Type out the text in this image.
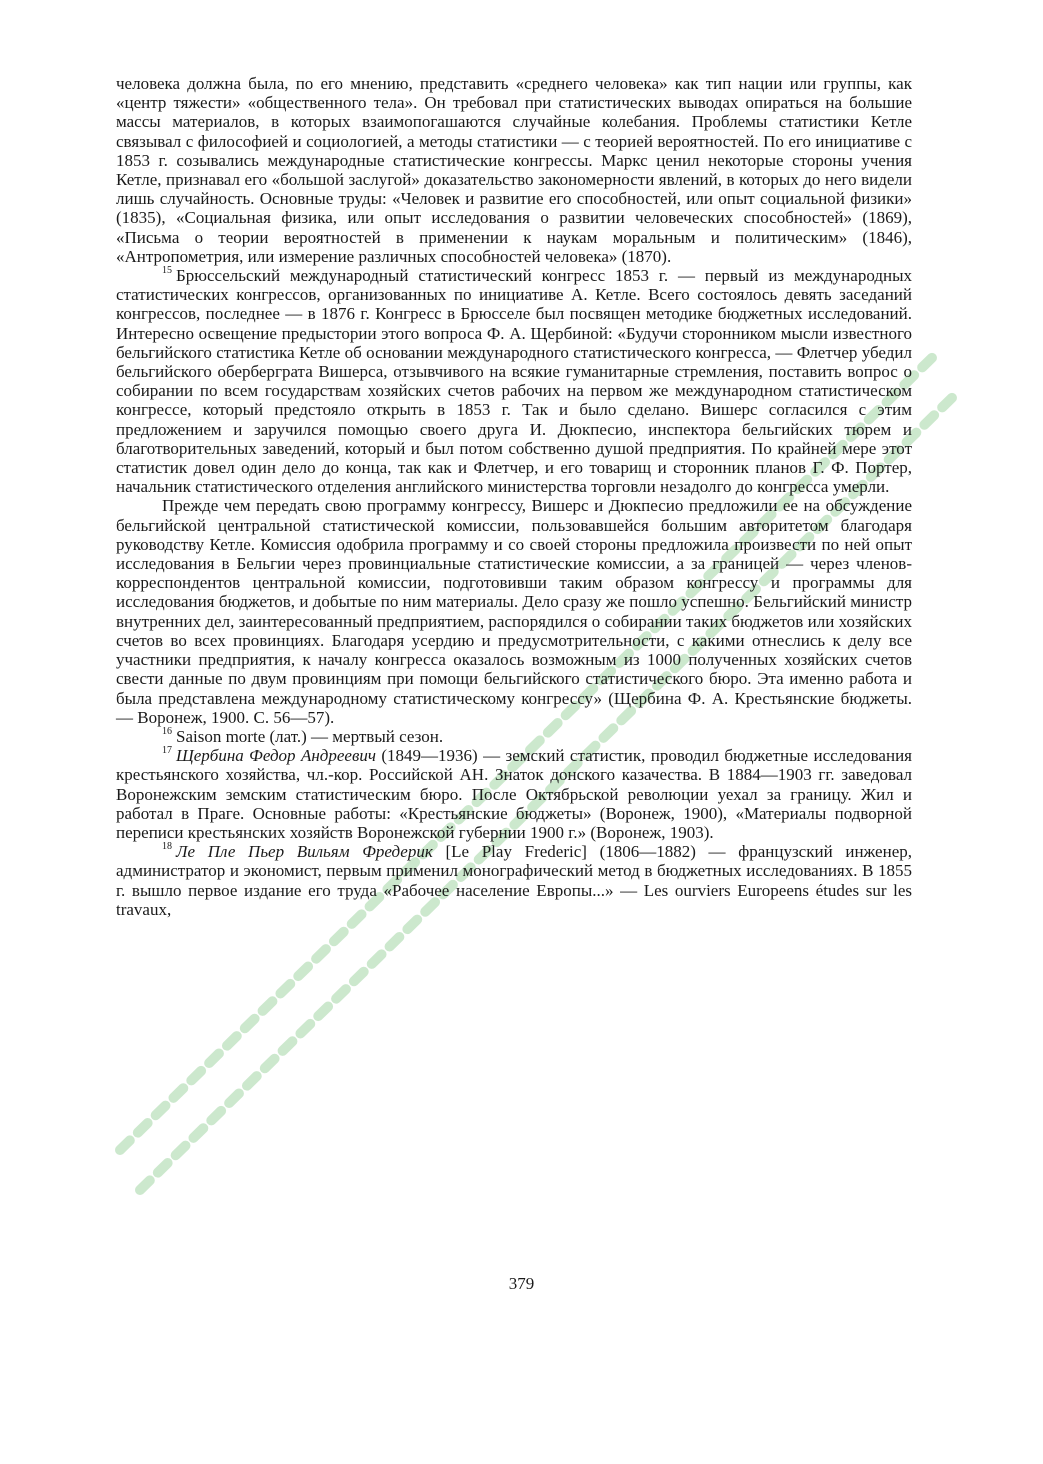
человека должна была, по его мнению, представить «среднего человека» как тип нации или группы, как «центр тяжести» «общественного тела». Он требовал при статистических выводах опираться на большие массы материалов, в которых взаимопогашаются случайные колебания. Проблемы статистики Кетле связывал с философией и социологией, а методы статистики — с теорией вероятностей. По его инициативе с 1853 г. созывались международные статистические конгрессы. Маркс ценил некоторые стороны учения Кетле, признавал его «большой заслугой» доказательство закономерности явлений, в которых до него видели лишь случайность. Основные труды: «Человек и развитие его способностей, или опыт социальной физики» (1835), «Социальная физика, или опыт исследования о развитии человеческих способностей» (1869), «Письма о теории вероятностей в применении к наукам моральным и политическим» (1846), «Антропометрия, или измерение различных способностей человека» (1870).

$^{15}$ Брюссельский международный статистический конгресс 1853 г. — первый из международных статистических конгрессов, организованных по инициативе А. Кетле. Всего состоялось девять заседаний конгрессов, последнее — в 1876 г. Конгресс в Брюсселе был посвящен методике бюджетных исследований. Интересно освещение предыстории этого вопроса Ф. А. Щербиной: «Будучи сторонником мысли известного бельгийского статистика Кетле об основании международного статистического конгресса, — Флетчер убедил бельгийского оберберграта Вишерса, отзывчивого на всякие гуманитарные стремления, поставить вопрос о собирании по всем государствам хозяйских счетов рабочих на первом же международном статистическом конгрессе, который предстояло открыть в 1853 г. Так и было сделано. Вишерс согласился с этим предложением и заручился помощью своего друга И. Дюкпесио, инспектора бельгийских тюрем и благотворительных заведений, который и был потом собственно душой предприятия. По крайней мере этот статистик довел один дело до конца, так как и Флетчер, и его товарищ и сторонник планов Г. Ф. Портер, начальник статистического отделения английского министерства торговли незадолго до конгресса умерли.

Прежде чем передать свою программу конгрессу, Вишерс и Дюкпесио предложили ее на обсуждение бельгийской центральной статистической комиссии, пользовавшейся большим авторитетом благодаря руководству Кетле. Комиссия одобрила программу и со своей стороны предложила произвести по ней опыт исследования в Бельгии через провинциальные статистические комиссии, а за границей — через членов-корреспондентов центральной комиссии, подготовивши таким образом конгрессу и программы для исследования бюджетов, и добытые по ним материалы. Дело сразу же пошло успешно. Бельгийский министр внутренних дел, заинтересованный предприятием, распорядился о собирании таких бюджетов или хозяйских счетов во всех провинциях. Благодаря усердию и предусмотрительности, с какими отнеслись к делу все участники предприятия, к началу конгресса оказалось возможным из 1000 полученных хозяйских счетов свести данные по двум провинциям при помощи бельгийского статистического бюро. Эта именно работа и была представлена международному статистическому конгрессу» (Щербина Ф. А. Крестьянские бюджеты. — Воронеж, 1900. С. 56—57).

$^{16}$ Saison morte (лат.) — мертвый сезон.

$^{17}$ Щербина Федор Андреевич (1849—1936) — земский статистик, проводил бюджетные исследования крестьянского хозяйства, чл.-кор. Российской АН. Знаток донского казачества. В 1884—1903 гг. заведовал Воронежским земским статистическим бюро. После Октябрьской революции уехал за границу. Жил и работал в Праге. Основные работы: «Крестьянские бюджеты» (Воронеж, 1900), «Материалы подворной переписи крестьянских хозяйств Воронежской губернии 1900 г.» (Воронеж, 1903).

$^{18}$ Ле Пле Пьер Вильям Фредерик [Le Play Frederic] (1806—1882) — французский инженер, администратор и экономист, первым применил монографический метод в бюджетных исследованиях. В 1855 г. вышло первое издание его труда «Рабочее население Европы...» — Les ourviers Europeens études sur les travaux,

379
